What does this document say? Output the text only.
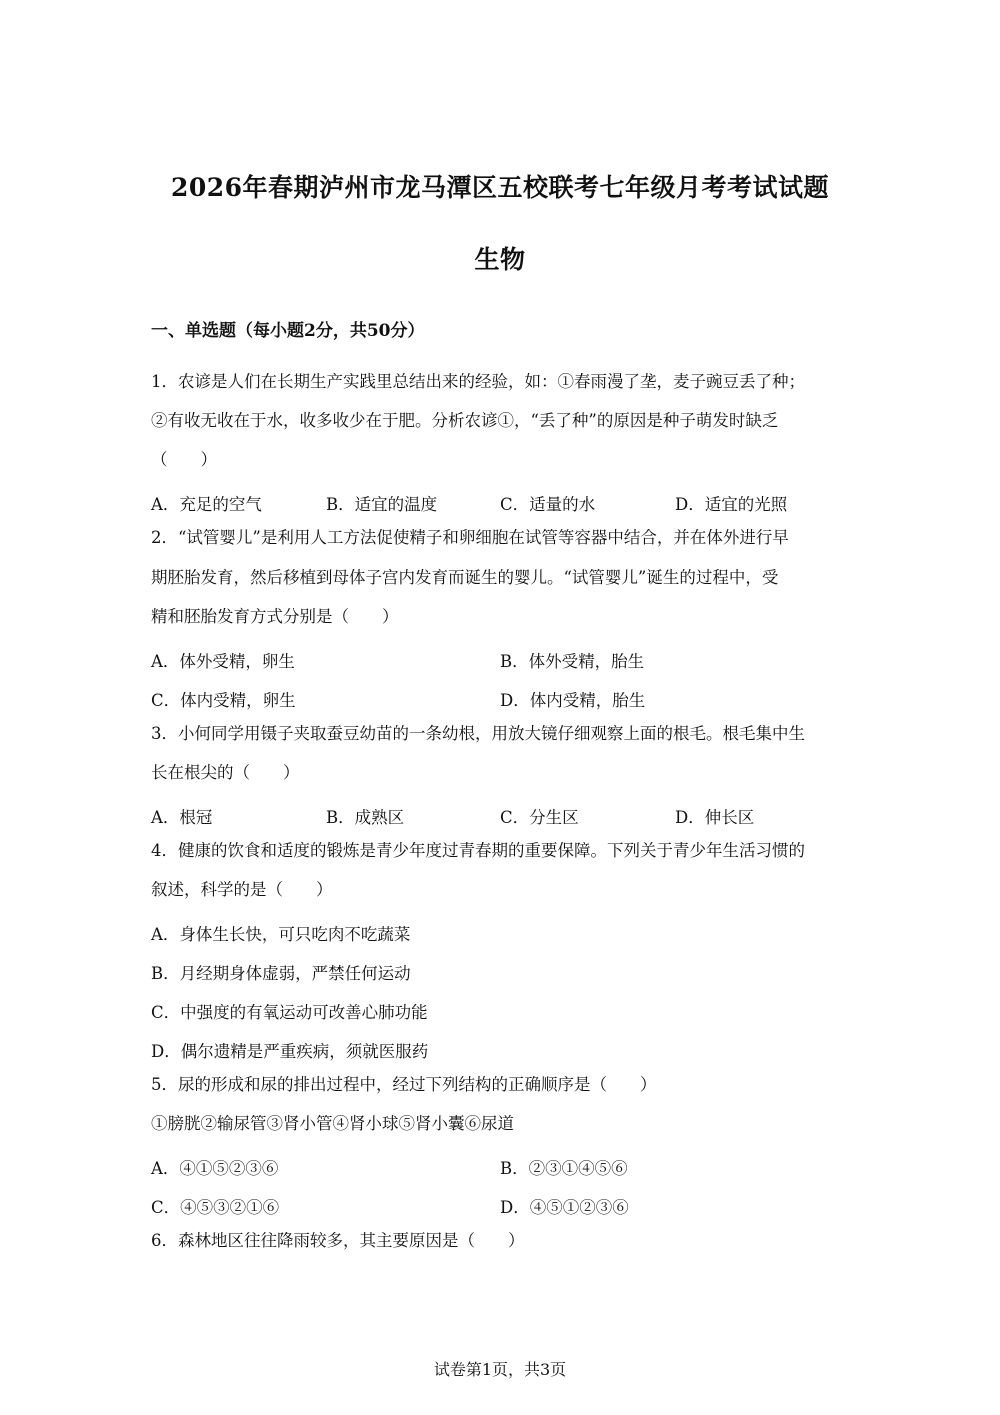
2026年春期泸州市龙马潭区五校联考七年级月考考试试题
生物
一、单选题（每小题2分，共50分）
1．农谚是人们在长期生产实践里总结出来的经验，如：①春雨漫了垄，麦子豌豆丢了种；
②有收无收在于水，收多收少在于肥。分析农谚①，“丢了种”的原因是种子萌发时缺乏
（　　）
A．充足的空气	B．适宜的温度	C．适量的水	D．适宜的光照
2．“试管婴儿”是利用人工方法促使精子和卵细胞在试管等容器中结合，并在体外进行早
期胚胎发育，然后移植到母体子宫内发育而诞生的婴儿。“试管婴儿”诞生的过程中，受
精和胚胎发育方式分别是（　　）
A．体外受精，卵生	B．体外受精，胎生
C．体内受精，卵生	D．体内受精，胎生
3．小何同学用镊子夹取蚕豆幼苗的一条幼根，用放大镜仔细观察上面的根毛。根毛集中生
长在根尖的（　　）
A．根冠	B．成熟区	C．分生区	D．伸长区
4．健康的饮食和适度的锻炼是青少年度过青春期的重要保障。下列关于青少年生活习惯的
叙述，科学的是（　　）
A．身体生长快，可只吃肉不吃蔬菜
B．月经期身体虚弱，严禁任何运动
C．中强度的有氧运动可改善心肺功能
D．偶尔遗精是严重疾病，须就医服药
5．尿的形成和尿的排出过程中，经过下列结构的正确顺序是（　　）
①膀胱②输尿管③肾小管④肾小球⑤肾小囊⑥尿道
A．④①⑤②③⑥	B．②③①④⑤⑥
C．④⑤③②①⑥	D．④⑤①②③⑥
6．森林地区往往降雨较多，其主要原因是（　　）
试卷第1页，共3页
